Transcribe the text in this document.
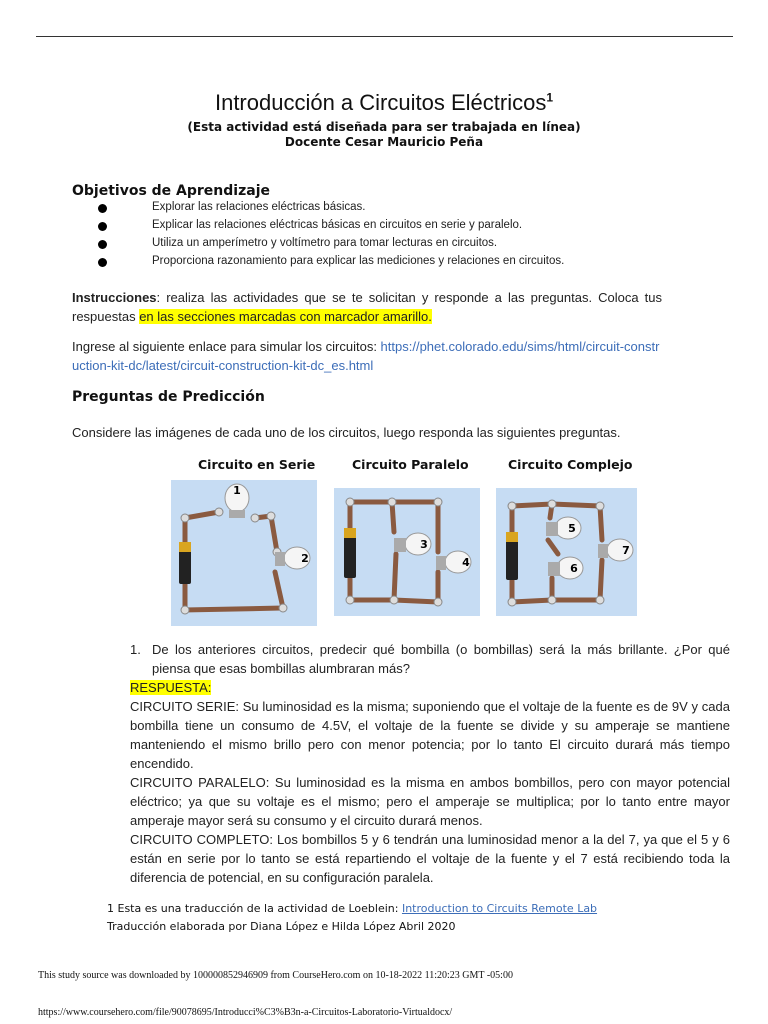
Introducción a Circuitos Eléctricos$^1$
(Esta actividad está diseñada para ser trabajada en línea)
Docente Cesar Mauricio Peña
Objetivos de Aprendizaje
Explorar las relaciones eléctricas básicas.
Explicar las relaciones eléctricas básicas en circuitos en serie y paralelo.
Utiliza un amperímetro y voltímetro para tomar lecturas en circuitos.
Proporciona razonamiento para explicar las mediciones y relaciones en circuitos.
Instrucciones: realiza las actividades que se te solicitan y responde a las preguntas. Coloca tus respuestas en las secciones marcadas con marcador amarillo.
Ingrese al siguiente enlace para simular los circuitos: https://phet.colorado.edu/sims/html/circuit-construction-kit-dc/latest/circuit-construction-kit-dc_es.html
Preguntas de Predicción
Considere las imágenes de cada uno de los circuitos, luego responda las siguientes preguntas.
Circuito en Serie	Circuito Paralelo	Circuito Complejo
1
2
3
4
5
6
7
1. De los anteriores circuitos, predecir qué bombilla (o bombillas) será la más brillante. ¿Por qué piensa que esas bombillas alumbraran más?

RESPUESTA:

CIRCUITO SERIE: Su luminosidad es la misma; suponiendo que el voltaje de la fuente es de 9V y cada bombilla tiene un consumo de 4.5V, el voltaje de la fuente se divide y su amperaje se mantiene manteniendo el mismo brillo pero con menor potencia; por lo tanto El circuito durará más tiempo encendido.

CIRCUITO PARALELO: Su luminosidad es la misma en ambos bombillos, pero con mayor potencial eléctrico; ya que su voltaje es el mismo; pero el amperaje se multiplica; por lo tanto entre mayor amperaje mayor será su consumo y el circuito durará menos.

CIRCUITO COMPLETO: Los bombillos 5 y 6 tendrán una luminosidad menor a la del 7, ya que el 5 y 6 están en serie por lo tanto se está repartiendo el voltaje de la fuente y el 7 está recibiendo toda la diferencia de potencial, en su configuración paralela.

1 Esta es una traducción de la actividad de Loeblein: Introduction to Circuits Remote Lab
Traducción elaborada por Diana López e Hilda López Abril 2020
This study source was downloaded by 100000852946909 from CourseHero.com on 10-18-2022 11:20:23 GMT -05:00
https://www.coursehero.com/file/90078695/Introducci%C3%B3n-a-Circuitos-Laboratorio-Virtualdocx/
